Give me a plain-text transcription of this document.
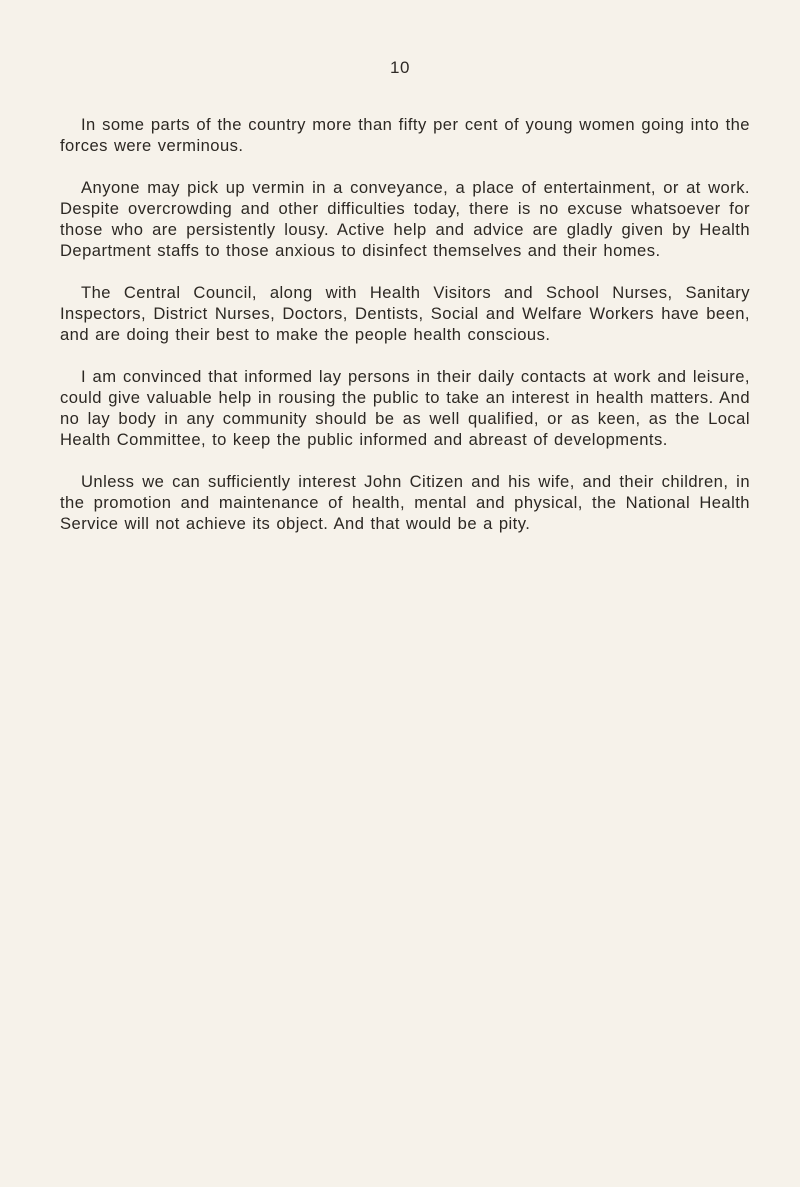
10

In some parts of the country more than fifty per cent of young women going into the forces were verminous.

Anyone may pick up vermin in a conveyance, a place of entertainment, or at work. Despite overcrowding and other difficulties today, there is no excuse whatsoever for those who are persistently lousy. Active help and advice are gladly given by Health Department staffs to those anxious to disinfect themselves and their homes.

The Central Council, along with Health Visitors and School Nurses, Sanitary Inspectors, District Nurses, Doctors, Dentists, Social and Welfare Workers have been, and are doing their best to make the people health conscious.

I am convinced that informed lay persons in their daily contacts at work and leisure, could give valuable help in rousing the public to take an interest in health matters. And no lay body in any community should be as well qualified, or as keen, as the Local Health Committee, to keep the public informed and abreast of developments.

Unless we can sufficiently interest John Citizen and his wife, and their children, in the promotion and maintenance of health, mental and physical, the National Health Service will not achieve its object. And that would be a pity.
